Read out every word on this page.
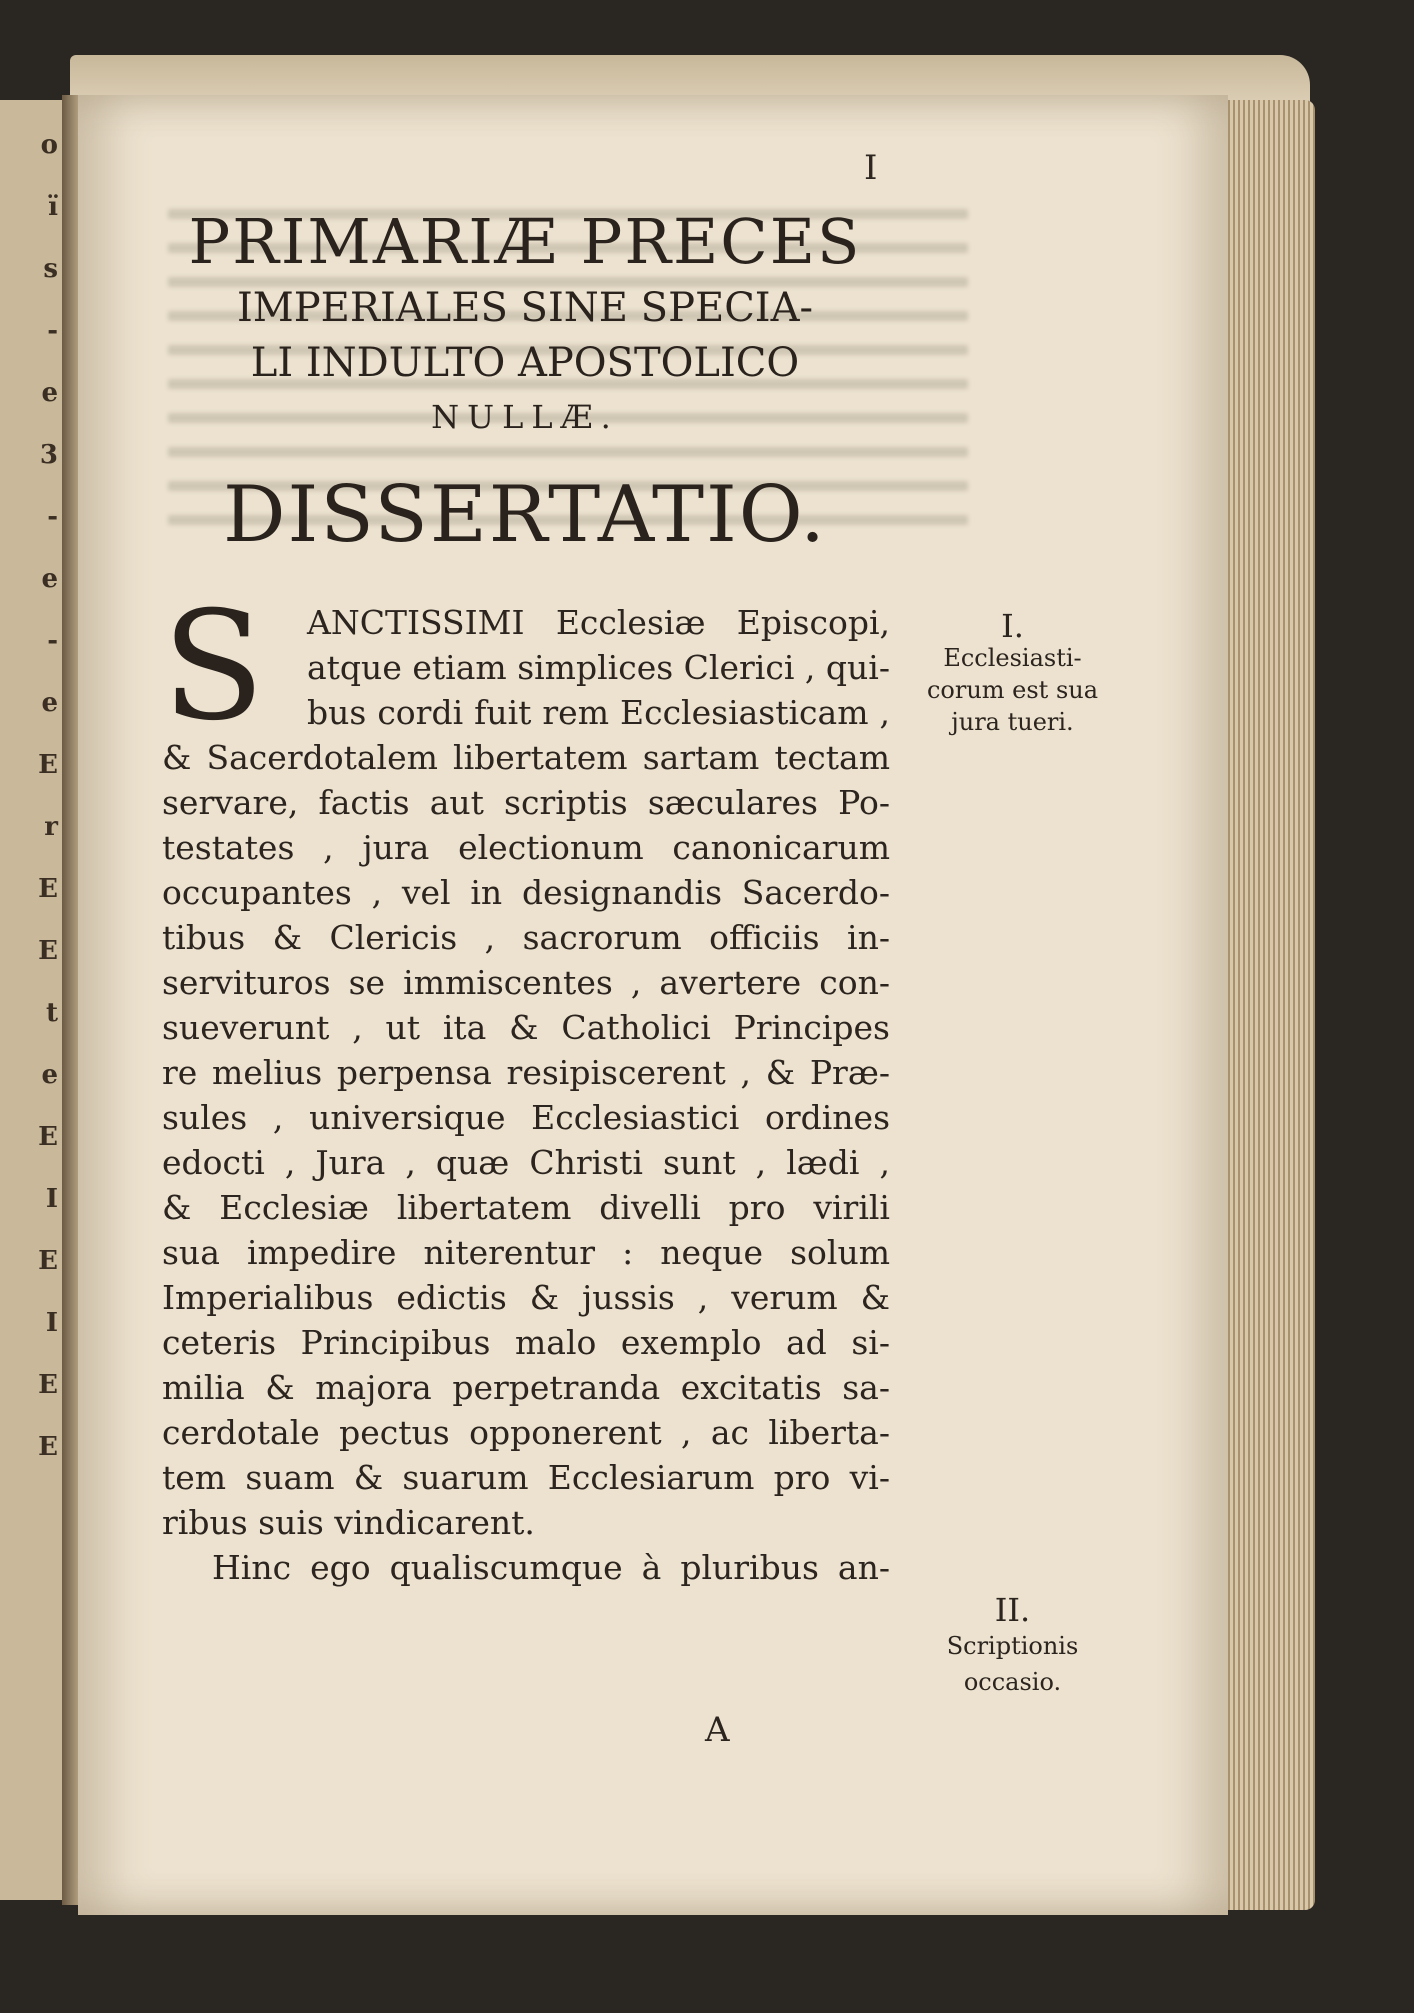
o
ï
s
-
e
3
-
e
-
e
E
r
E
E
t
e
E
I
E
I
E
E
I
PRIMARIÆ PRECES
IMPERIALES SINE SPECIA-
LI INDULTO APOSTOLICO
NULLÆ.
DISSERTATIO.
S	ANCTISSIMI Ecclesiæ Episcopi,
atque etiam simplices Clerici , qui-
bus cordi fuit rem Ecclesiasticam ,
& Sacerdotalem libertatem sartam tectam
servare, factis aut scriptis sæculares Po-
testates , jura electionum canonicarum
occupantes , vel in designandis Sacerdo-
tibus & Clericis , sacrorum officiis in-
servituros se immiscentes , avertere con-
sueverunt , ut ita & Catholici Principes
re melius perpensa resipiscerent , & Præ-
sules , universique Ecclesiastici ordines
edocti , Jura , quæ Christi sunt , lædi ,
& Ecclesiæ libertatem divelli pro virili
sua impedire niterentur : neque solum
Imperialibus edictis & jussis , verum &
ceteris Principibus malo exemplo ad si-
milia & majora perpetranda excitatis sa-
cerdotale pectus opponerent , ac liberta-
tem suam & suarum Ecclesiarum pro vi-
ribus suis vindicarent.
Hinc ego qualiscumque à pluribus an-
A
I.
Ecclesiasti-
corum est sua
jura tueri.
II.
Scriptionis
occasio.
